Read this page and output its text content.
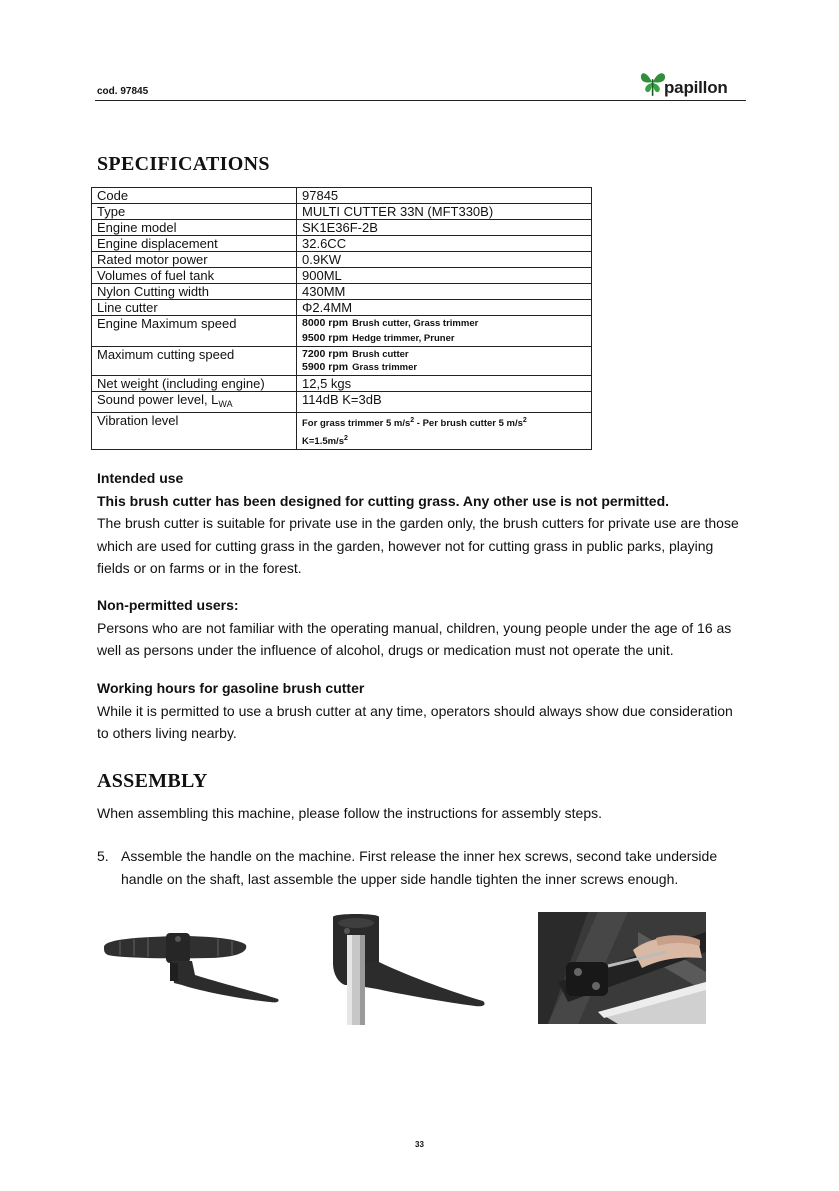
cod. 97845	papillon
SPECIFICATIONS
Code	97845
Type	MULTI CUTTER 33N (MFT330B)
Engine model	SK1E36F-2B
Engine displacement	32.6CC
Rated motor power	0.9KW
Volumes of fuel tank	900ML
Nylon Cutting width	430MM
Line cutter	Φ2.4MM
Engine Maximum speed	8000 rpm Brush cutter, Grass trimmer
9500 rpm Hedge trimmer, Pruner

Maximum cutting speed	7200 rpm Brush cutter
5900 rpm Grass trimmer

Net weight (including engine)	12,5 kgs
Sound power level, $L_{WA}$	114dB K=3dB
Vibration level	For grass trimmer 5 $m/s^2$ - Per brush cutter 5 $m/s^2$
$K=1.5m/s^2$

Intended use

This brush cutter has been designed for cutting grass. Any other use is not permitted.

The brush cutter is suitable for private use in the garden only, the brush cutters for private use are those which are used for cutting grass in the garden, however not for cutting grass in public parks, playing fields or on farms or in the forest.

Non-permitted users:

Persons who are not familiar with the operating manual, children, young people under the age of 16 as well as persons under the influence of alcohol, drugs or medication must not operate the unit.

Working hours for gasoline brush cutter

While it is permitted to use a brush cutter at any time, operators should always show due consideration to others living nearby.

ASSEMBLY
When assembling this machine, please follow the instructions for assembly steps.
5. Assemble the handle on the machine. First release the inner hex screws, second take underside handle on the shaft, last assemble the upper side handle tighten the inner screws enough.
33
